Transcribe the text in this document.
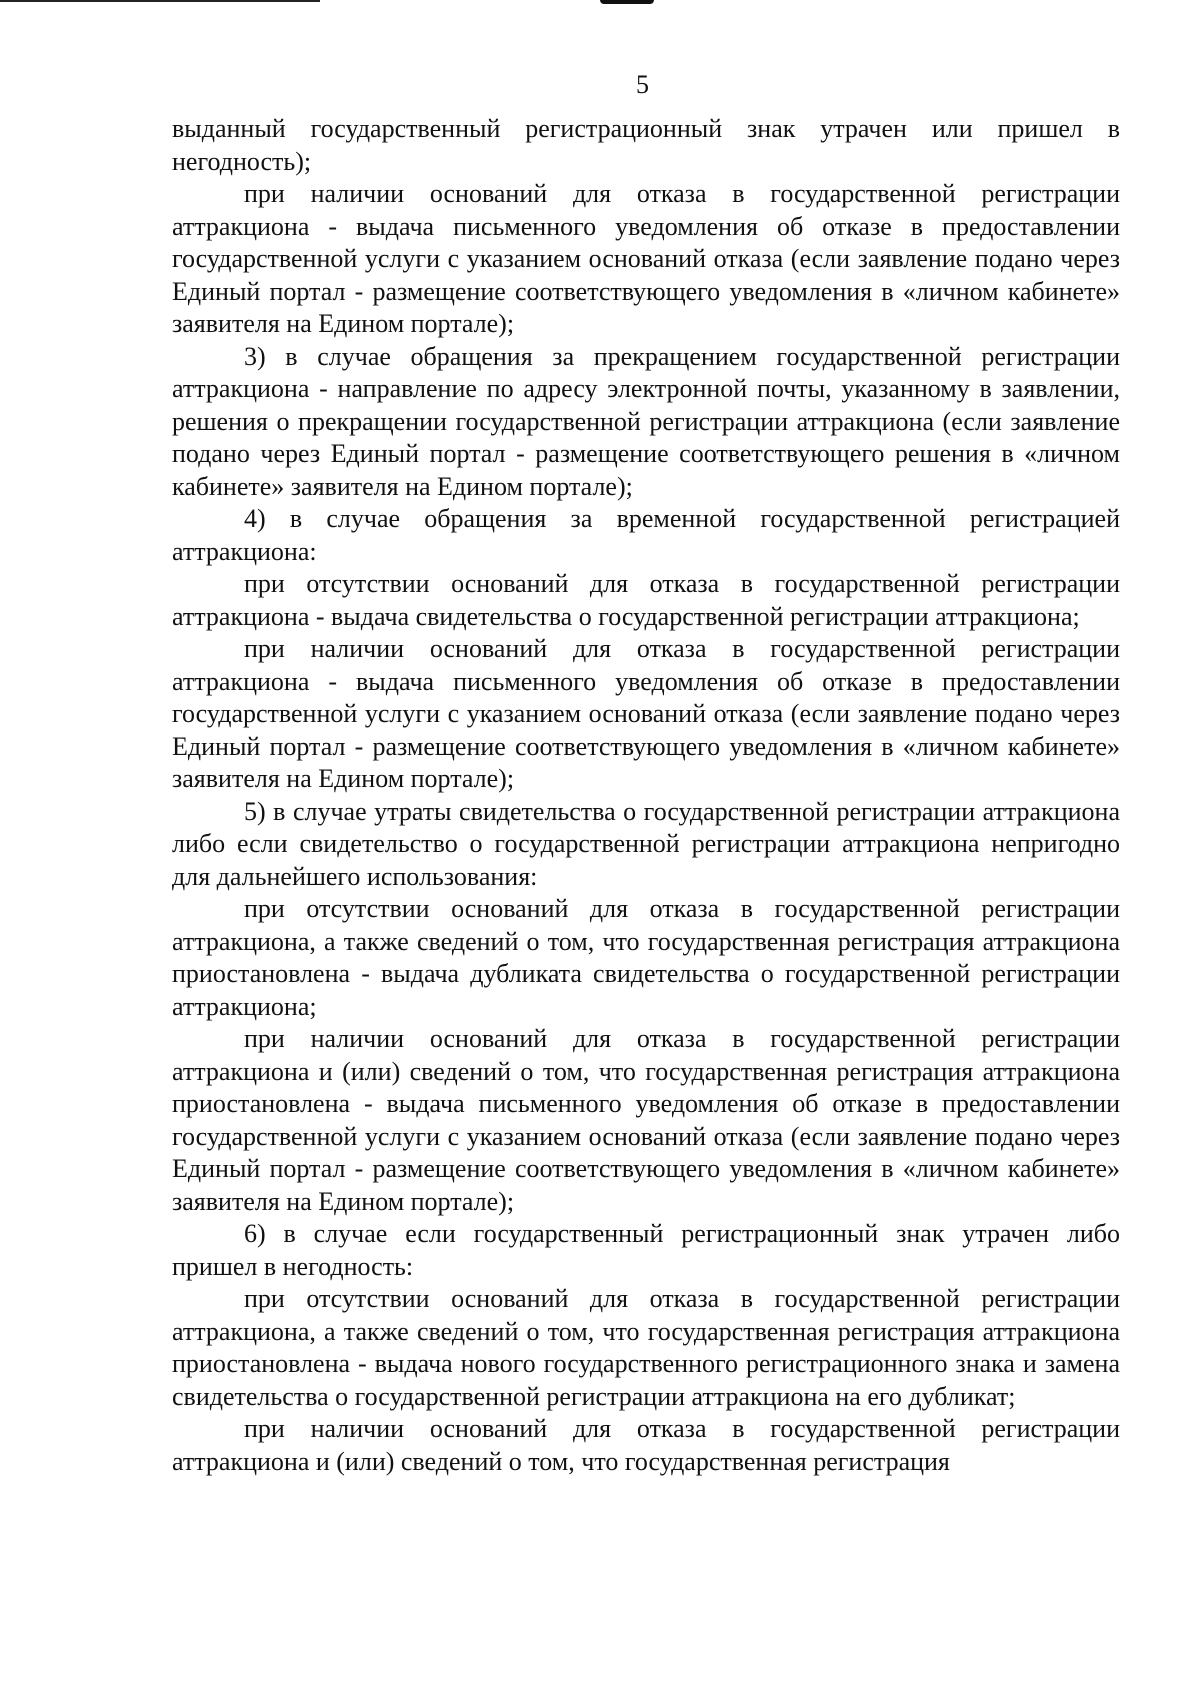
5

выданный государственный регистрационный знак утрачен или пришел в негодность);

при наличии оснований для отказа в государственной регистрации аттракциона - выдача письменного уведомления об отказе в предоставлении государственной услуги с указанием оснований отказа (если заявление подано через Единый портал - размещение соответствующего уведомления в «личном кабинете» заявителя на Едином портале);

3) в случае обращения за прекращением государственной регистрации аттракциона - направление по адресу электронной почты, указанному в заявлении, решения о прекращении государственной регистрации аттракциона (если заявление подано через Единый портал - размещение соответствующего решения в «личном кабинете» заявителя на Едином портале);

4) в случае обращения за временной государственной регистрацией аттракциона:

при отсутствии оснований для отказа в государственной регистрации аттракциона - выдача свидетельства о государственной регистрации аттракциона;

при наличии оснований для отказа в государственной регистрации аттракциона - выдача письменного уведомления об отказе в предоставлении государственной услуги с указанием оснований отказа (если заявление подано через Единый портал - размещение соответствующего уведомления в «личном кабинете» заявителя на Едином портале);

5) в случае утраты свидетельства о государственной регистрации аттракциона либо если свидетельство о государственной регистрации аттракциона непригодно для дальнейшего использования:

при отсутствии оснований для отказа в государственной регистрации аттракциона, а также сведений о том, что государственная регистрация аттракциона приостановлена - выдача дубликата свидетельства о государственной регистрации аттракциона;

при наличии оснований для отказа в государственной регистрации аттракциона и (или) сведений о том, что государственная регистрация аттракциона приостановлена - выдача письменного уведомления об отказе в предоставлении государственной услуги с указанием оснований отказа (если заявление подано через Единый портал - размещение соответствующего уведомления в «личном кабинете» заявителя на Едином портале);

6) в случае если государственный регистрационный знак утрачен либо пришел в негодность:

при отсутствии оснований для отказа в государственной регистрации аттракциона, а также сведений о том, что государственная регистрация аттракциона приостановлена - выдача нового государственного регистрационного знака и замена свидетельства о государственной регистрации аттракциона на его дубликат;

при наличии оснований для отказа в государственной регистрации аттракциона и (или) сведений о том, что государственная регистрация
